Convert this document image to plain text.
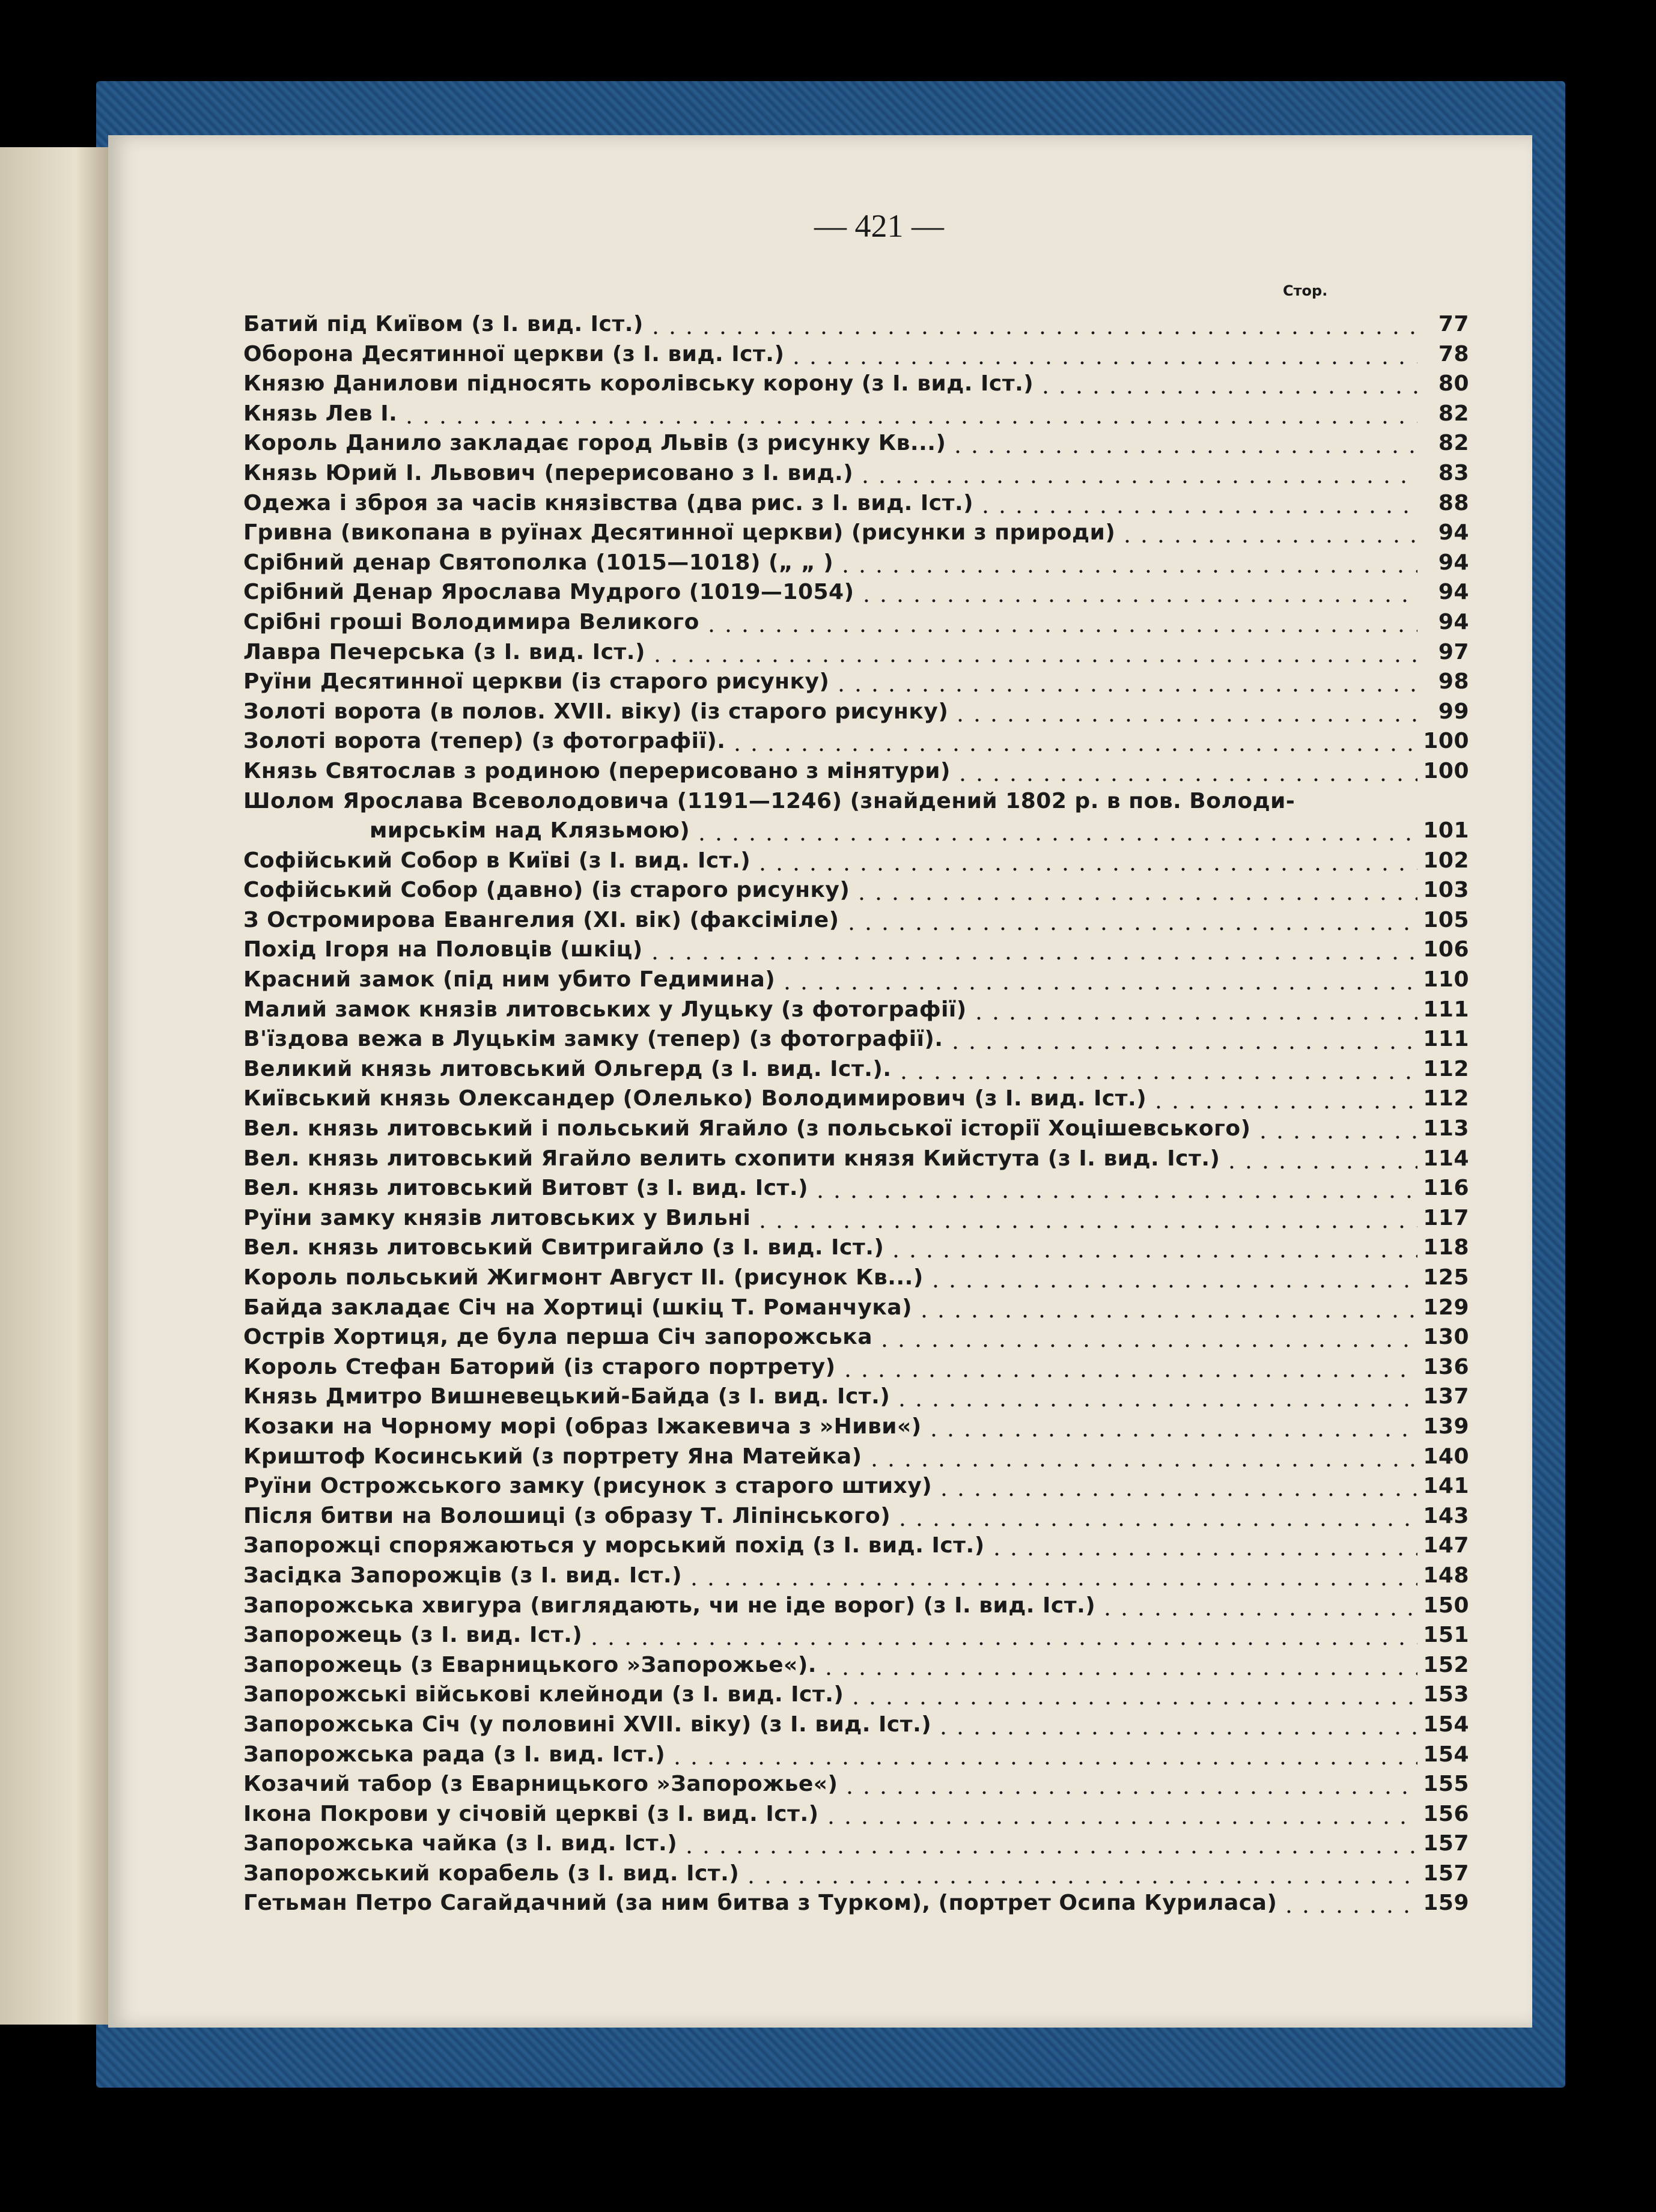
— 421 —
Стор.
Батий під Київом (з І. вид. Іст.)	77
Оборона Десятинної церкви (з І. вид. Іст.)	78
Князю Данилови підносять королівську корону (з І. вид. Іст.)	80
Князь Лев І.	82
Король Данило закладає город Львів (з рисунку Кв...)	82
Князь Юрий І. Львович (перерисовано з І. вид.)	83
Одежа і зброя за часів князівства (два рис. з І. вид. Іст.)	88
Гривна (викопана в руїнах Десятинної церкви) (рисунки з природи)	94
Срібний денар Святополка (1015—1018) („ „ )	94
Срібний Денар Ярослава Мудрого (1019—1054)	94
Срібні гроші Володимира Великого	94
Лавра Печерська (з І. вид. Іст.)	97
Руїни Десятинної церкви (із старого рисунку)	98
Золоті ворота (в полов. XVII. віку) (із старого рисунку)	99
Золоті ворота (тепер) (з фотографії).	100
Князь Святослав з родиною (перерисовано з мінятури)	100
Шолом Ярослава Всеволодовича (1191—1246) (знайдений 1802 р. в пов. Володи-
мирськім над Клязьмою)	101
Софійський Собор в Київі (з І. вид. Іст.)	102
Софійський Собор (давно) (із старого рисунку)	103
З Остромирова Евангелия (XI. вік) (факсіміле)	105
Похід Ігоря на Половців (шкіц)	106
Красний замок (під ним убито Гедимина)	110
Малий замок князів литовських у Луцьку (з фотографії)	111
В'їздова вежа в Луцькім замку (тепер) (з фотографії).	111
Великий князь литовський Ольгерд (з І. вид. Іст.).	112
Київський князь Олександер (Олелько) Володимирович (з І. вид. Іст.)	112
Вел. князь литовський і польський Ягайло (з польської історії Хоцішевського)	113
Вел. князь литовський Ягайло велить схопити князя Кийстута (з І. вид. Іст.)	114
Вел. князь литовський Витовт (з І. вид. Іст.)	116
Руїни замку князів литовських у Вильні	117
Вел. князь литовський Свитригайло (з І. вид. Іст.)	118
Король польський Жигмонт Август II. (рисунок Кв...)	125
Байда закладає Січ на Хортиці (шкіц Т. Романчука)	129
Острів Хортиця, де була перша Січ запорожська	130
Король Стефан Баторий (із старого портрету)	136
Князь Дмитро Вишневецький-Байда (з І. вид. Іст.)	137
Козаки на Чорному морі (образ Іжакевича з »Ниви«)	139
Криштоф Косинський (з портрету Яна Матейка)	140
Руїни Острожського замку (рисунок з старого штиху)	141
Після битви на Волошиці (з образу Т. Ліпінського)	143
Запорожці споряжаються у морський похід (з І. вид. Іст.)	147
Засідка Запорожців (з І. вид. Іст.)	148
Запорожська хвигура (виглядають, чи не іде ворог) (з І. вид. Іст.)	150
Запорожець (з І. вид. Іст.)	151
Запорожець (з Еварницького »Запорожье«).	152
Запорожські військові клейноди (з І. вид. Іст.)	153
Запорожська Січ (у половині XVII. віку) (з І. вид. Іст.)	154
Запорожська рада (з І. вид. Іст.)	154
Козачий табор (з Еварницького »Запорожье«)	155
Ікона Покрови у січовій церкві (з І. вид. Іст.)	156
Запорожська чайка (з І. вид. Іст.)	157
Запорожський корабель (з І. вид. Іст.)	157
Гетьман Петро Сагайдачний (за ним битва з Турком), (портрет Осипа Курилаcа)	159
